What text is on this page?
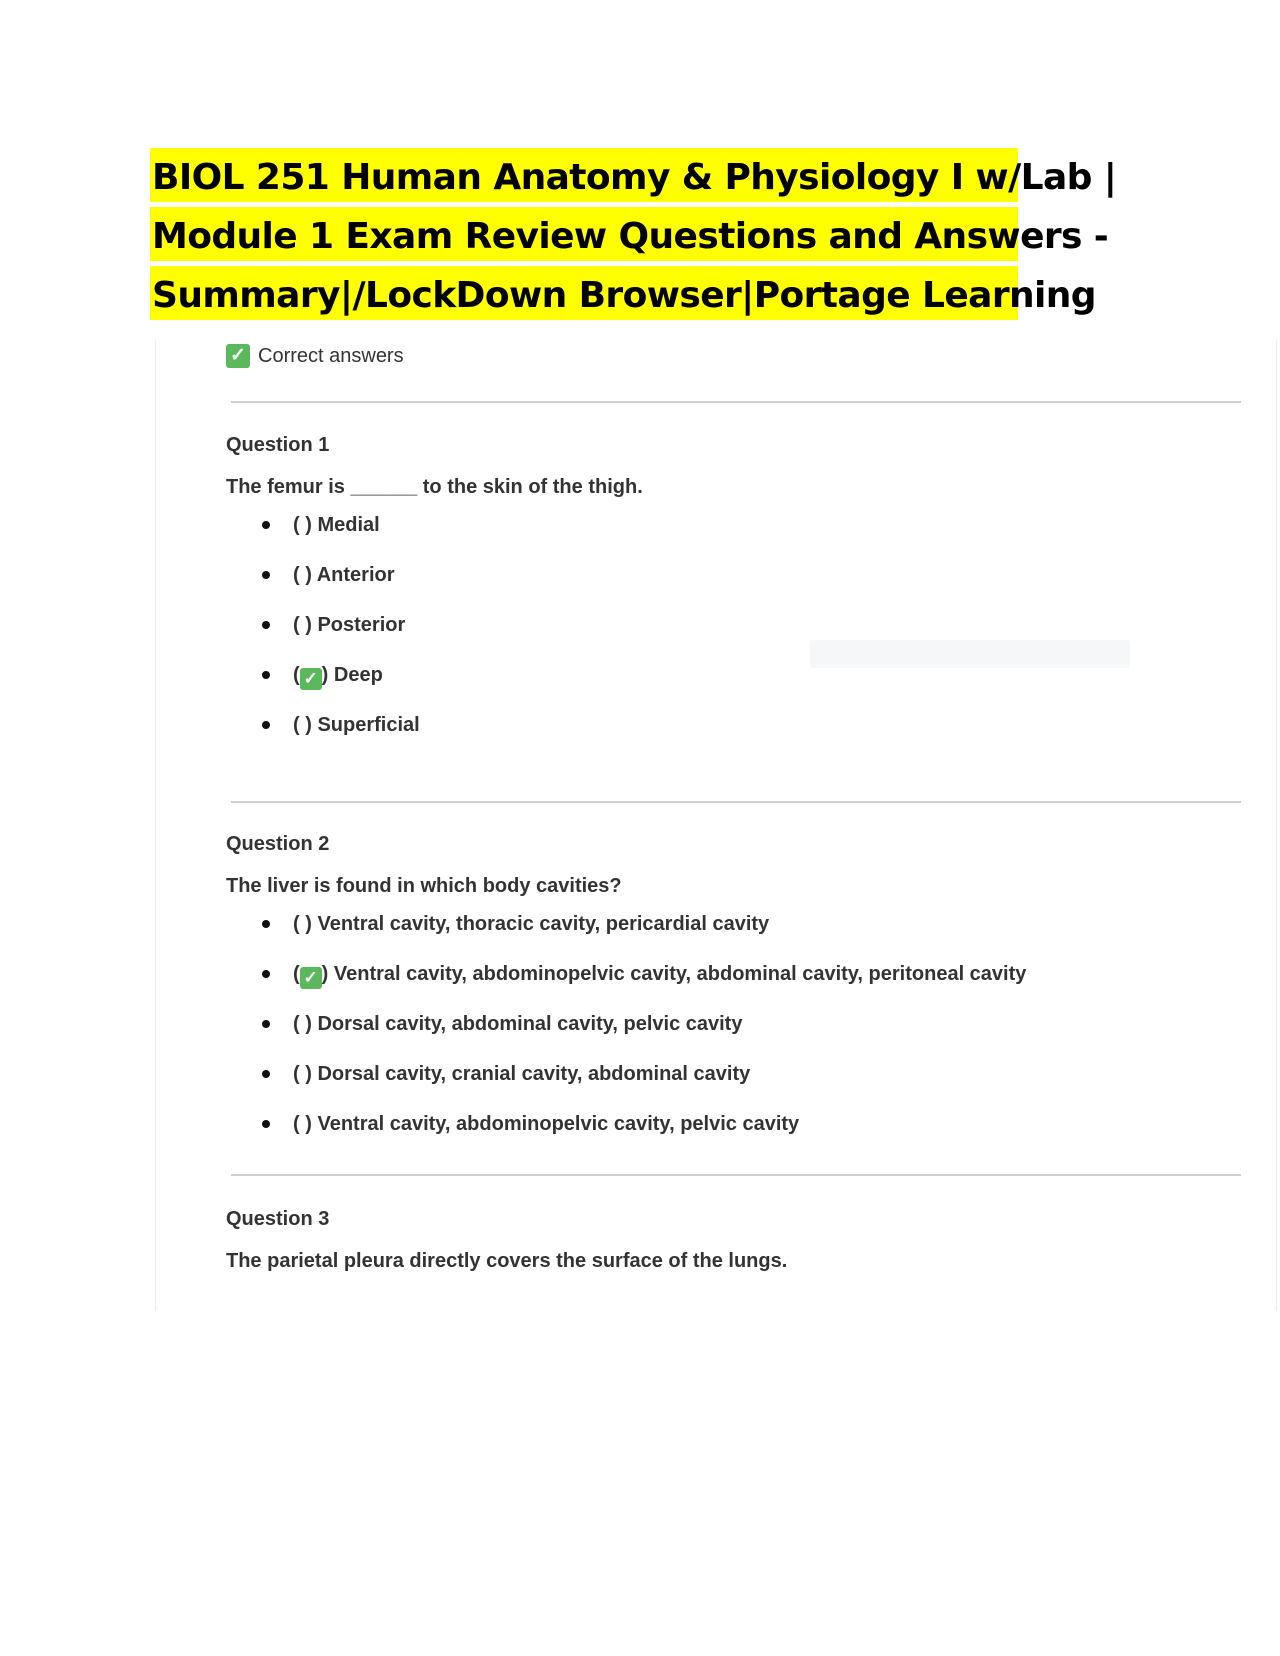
BIOL 251 Human Anatomy & Physiology I w/Lab |
Module 1 Exam Review Questions and Answers -
Summary|/LockDown Browser|Portage Learning
✓ Correct answers
Question 1
The femur is ______ to the skin of the thigh.
( ) Medial
( ) Anterior
( ) Posterior
( ✓ ) Deep
( ) Superficial
Question 2
The liver is found in which body cavities?
( ) Ventral cavity, thoracic cavity, pericardial cavity
( ✓ ) Ventral cavity, abdominopelvic cavity, abdominal cavity, peritoneal cavity
( ) Dorsal cavity, abdominal cavity, pelvic cavity
( ) Dorsal cavity, cranial cavity, abdominal cavity
( ) Ventral cavity, abdominopelvic cavity, pelvic cavity
Question 3
The parietal pleura directly covers the surface of the lungs.
